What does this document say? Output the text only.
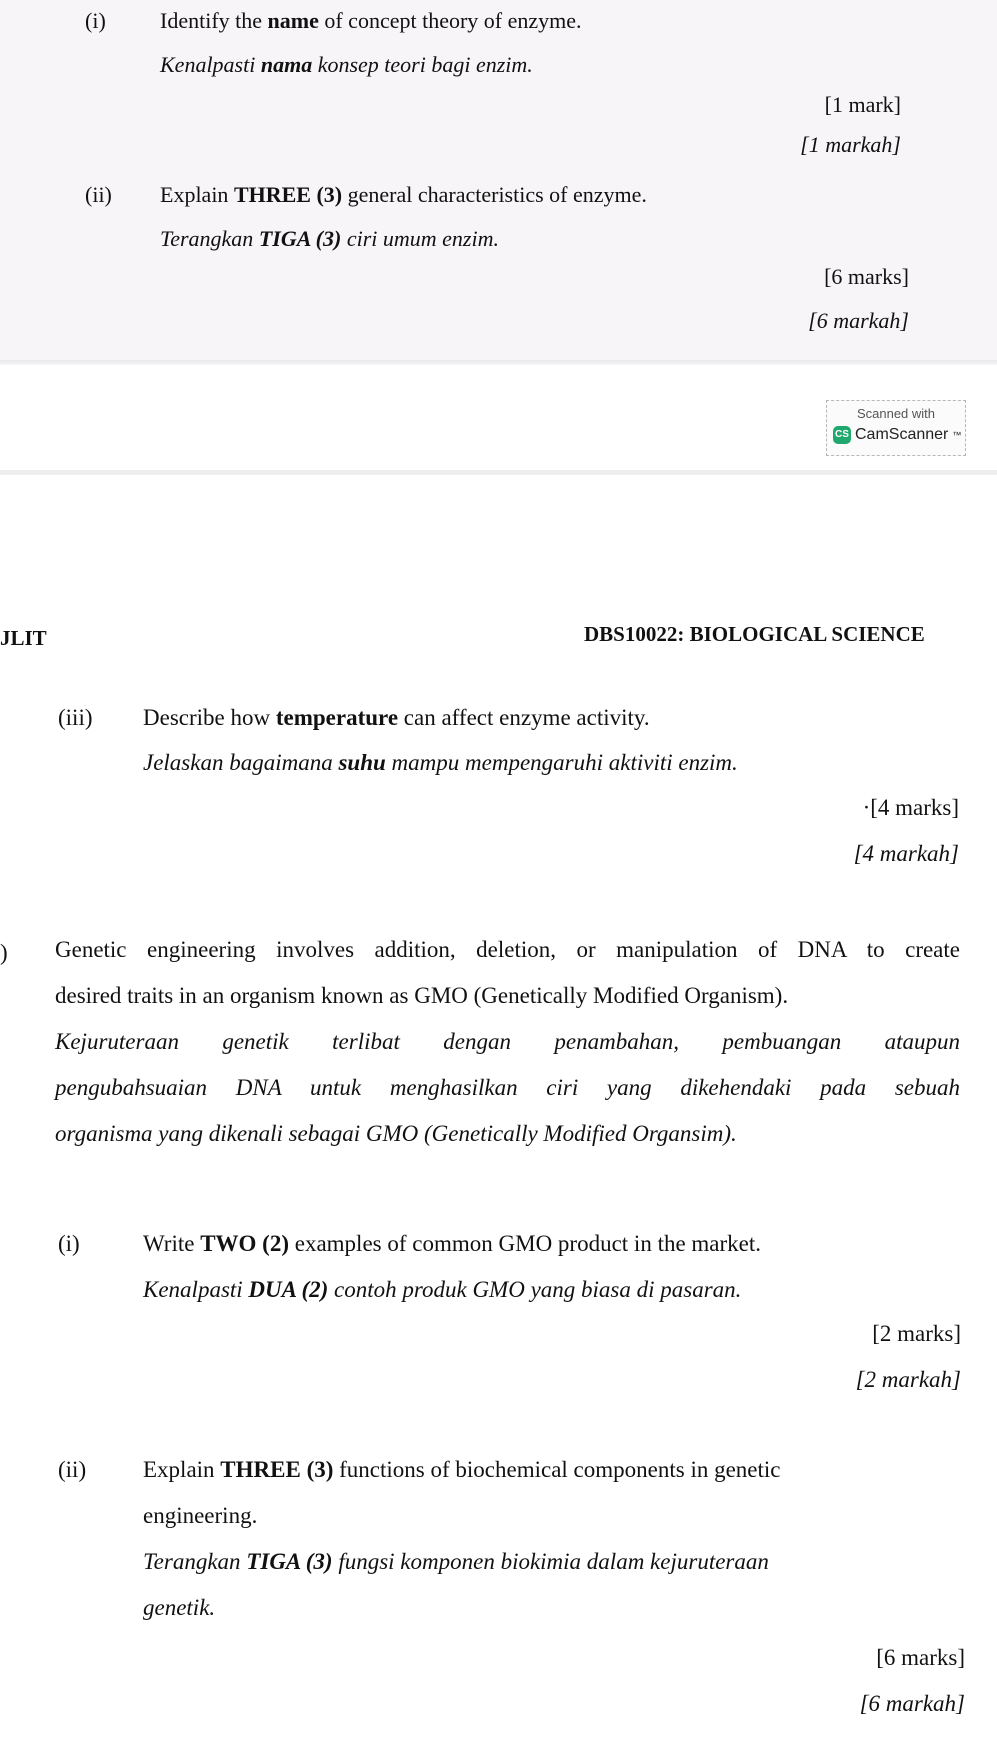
(i) Identify the name of concept theory of enzyme.
Kenalpasti nama konsep teori bagi enzim.
[1 mark]
[1 markah]
(ii) Explain THREE (3) general characteristics of enzyme.
Terangkan TIGA (3) ciri umum enzim.
[6 marks]
[6 markah]
Scanned with
CS CamScanner ™
JLIT	DBS10022: BIOLOGICAL SCIENCE
(iii) Describe how temperature can affect enzyme activity.
Jelaskan bagaimana suhu mampu mempengaruhi aktiviti enzim.
·[4 marks]
[4 markah]
) Genetic engineering involves addition, deletion, or manipulation of DNA to create
desired traits in an organism known as GMO (Genetically Modified Organism).
Kejuruteraan genetik terlibat dengan penambahan, pembuangan ataupun
pengubahsuaian DNA untuk menghasilkan ciri yang dikehendaki pada sebuah
organisma yang dikenali sebagai GMO (Genetically Modified Organsim).
(i)	Write TWO (2) examples of common GMO product in the market.
Kenalpasti DUA (2) contoh produk GMO yang biasa di pasaran.
[2 marks]
[2 markah]
(ii) Explain THREE (3) functions of biochemical components in genetic
engineering.
Terangkan TIGA (3) fungsi komponen biokimia dalam kejuruteraan
genetik.
[6 marks]
[6 markah]
